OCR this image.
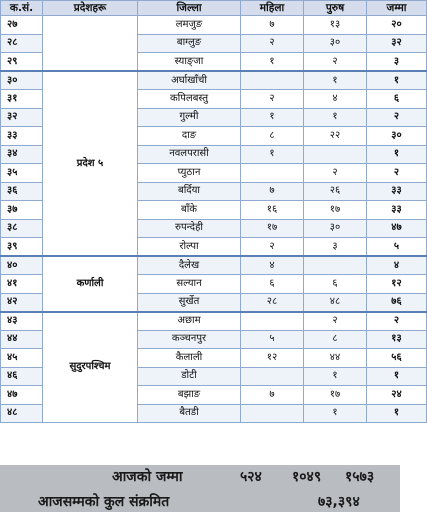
क.सं.	प्रदेशहरू	जिल्ला	महिला	पुरुष	जम्मा
२७		लमजुङ	७	१३	२०
२८		बाग्लुङ	२	३०	३२
२९		स्याङ्जा	१	२	३
३०	प्रदेश ५	अर्घाखाँची		१	१
३१		कपिलबस्तु	२	४	६
३२		गुल्मी	१	१	२
३३		दाङ	८	२२	३०
३४		नवलपरासी	१		१
३५		प्युठान		२	२
३६		बर्दिया	७	२६	३३
३७		बाँके	१६	१७	३३
३८		रुपन्देही	१७	३०	४७
३९		रोल्पा	२	३	५
४०	कर्णाली	दैलेख	४		४
४१		सल्यान	६	६	१२
४२		सुर्खेत	२८	४८	७६
४३	सुदुरपश्चिम	अछाम		२	२
४४		कञ्चनपुर	५	८	१३
४५		कैलाली	१२	४४	५६
४६		डोटी		१	१
४७		बझाङ	७	१७	२४
४८		बैतडी		१	१
आजको जम्मा	५२४ १०४९ १५७३
आजसम्मको कुल संक्रमित	७३,३९४
